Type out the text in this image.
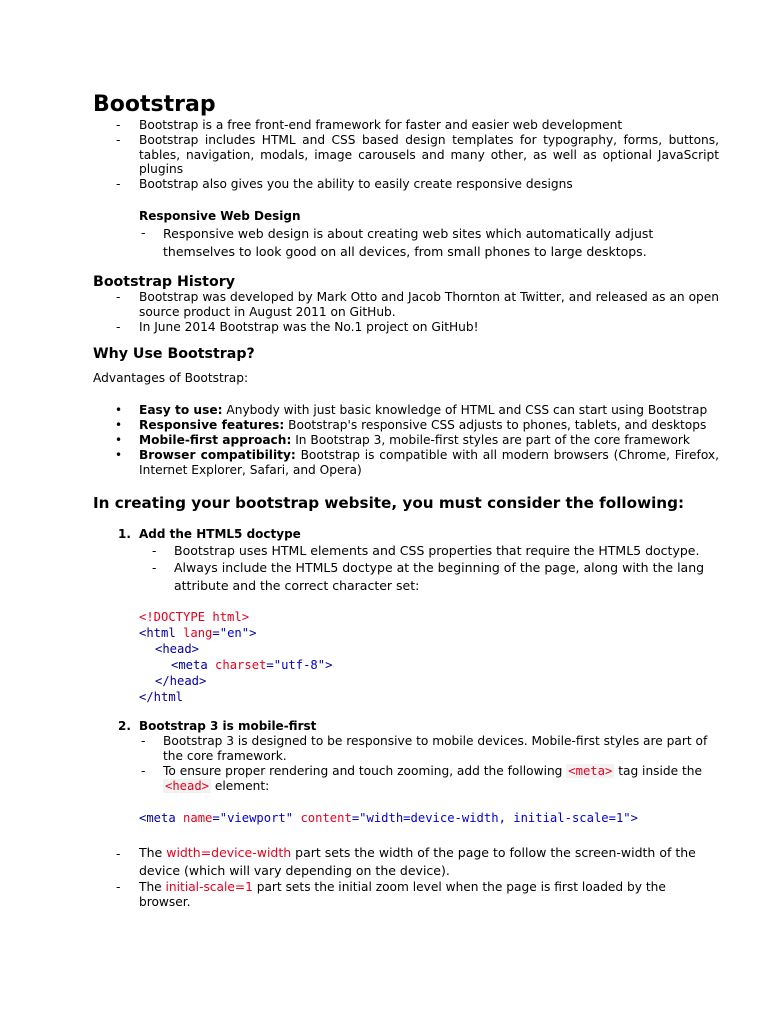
Bootstrap
- Bootstrap is a free front-end framework for faster and easier web development
- Bootstrap includes HTML and CSS based design templates for typography, forms, buttons, tables, navigation, modals, image carousels and many other, as well as optional JavaScript plugins
- Bootstrap also gives you the ability to easily create responsive designs
Responsive Web Design
- Responsive web design is about creating web sites which automatically adjust themselves to look good on all devices, from small phones to large desktops.
Bootstrap History
- Bootstrap was developed by Mark Otto and Jacob Thornton at Twitter, and released as an open source product in August 2011 on GitHub.
- In June 2014 Bootstrap was the No.1 project on GitHub!
Why Use Bootstrap?
Advantages of Bootstrap:
• Easy to use: Anybody with just basic knowledge of HTML and CSS can start using Bootstrap
• Responsive features: Bootstrap's responsive CSS adjusts to phones, tablets, and desktops
• Mobile-first approach: In Bootstrap 3, mobile-first styles are part of the core framework
• Browser compatibility: Bootstrap is compatible with all modern browsers (Chrome, Firefox, Internet Explorer, Safari, and Opera)
In creating your bootstrap website, you must consider the following:
1. Add the HTML5 doctype
- Bootstrap uses HTML elements and CSS properties that require the HTML5 doctype.
- Always include the HTML5 doctype at the beginning of the page, along with the lang attribute and the correct character set:
<!DOCTYPE html>
<html lang="en">
<head>
<meta charset="utf-8">
</head>
</html
2. Bootstrap 3 is mobile-first
- Bootstrap 3 is designed to be responsive to mobile devices. Mobile-first styles are part of the core framework.
- To ensure proper rendering and touch zooming, add the following <meta> tag inside the <head> element:
<meta name="viewport" content="width=device-width, initial-scale=1">
- The width=device-width part sets the width of the page to follow the screen-width of the device (which will vary depending on the device).
- The initial-scale=1 part sets the initial zoom level when the page is first loaded by the browser.
